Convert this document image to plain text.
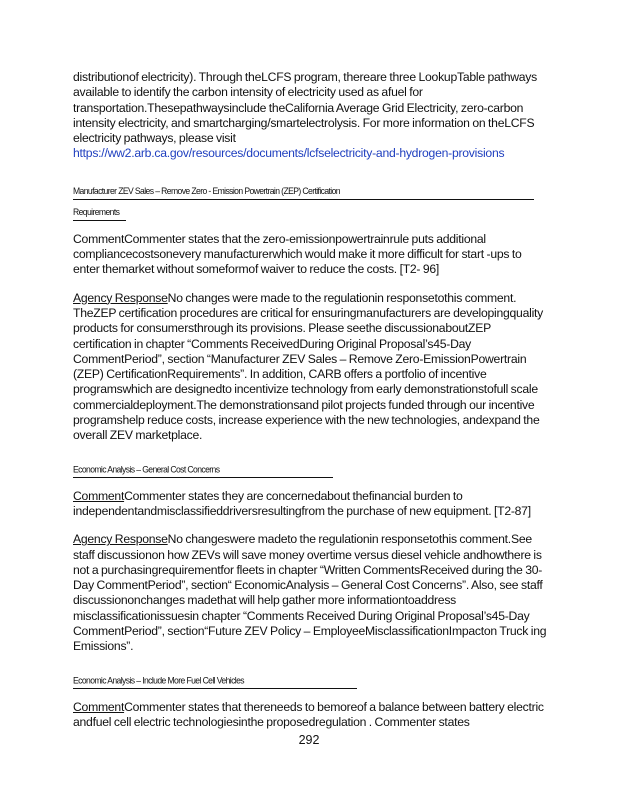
distributionof electricity). Through theLCFS program, thereare three LookupTable pathways available to identify the carbon intensity of electricity used as afuel for transportation.Thesepathwaysinclude theCalifornia Average Grid Electricity, zero-carbon intensity electricity, and smartcharging/smartelectrolysis. For more information on theLCFS electricity pathways, please visit
https://ww2.arb.ca.gov/resources/documents/lcfselectricity-and-hydrogen-provisions

Manufacturer ZEV Sales – Remove Zero - Emission Powertrain (ZEP) Certification
Requirements

CommentCommenter states that the zero-emissionpowertrainrule puts additional compliancecostsonevery manufacturerwhich would make it more difficult for start -ups to enter themarket without someformof waiver to reduce the costs. [T2- 96]

Agency ResponseNo changes were made to the regulationin responsetothis comment. TheZEP certification procedures are critical for ensuringmanufacturers are developingquality products for consumersthrough its provisions. Please seethe discussionaboutZEP certification in chapter “Comments ReceivedDuring Original Proposal’s45-Day CommentPeriod”, section “Manufacturer ZEV Sales – Remove Zero-EmissionPowertrain (ZEP) CertificationRequirements”. In addition, CARB offers a portfolio of incentive programswhich are designedto incentivize technology from early demonstrationstofull scale commercialdeployment.The demonstrationsand pilot projects funded through our incentive programshelp reduce costs, increase experience with the new technologies, andexpand the overall ZEV marketplace.

Economic Analysis – General Cost Concerns

CommentCommenter states they are concernedabout thefinancial burden to independentandmisclassifieddriversresultingfrom the purchase of new equipment. [T2-87]

Agency ResponseNo changeswere madeto the regulationin responsetothis comment.See staff discussionon how ZEVs will save money overtime versus diesel vehicle andhowthere is not a purchasingrequirementfor fleets in chapter “Written CommentsReceived during the 30-Day CommentPeriod”, section“ EconomicAnalysis – General Cost Concerns”. Also, see staff discussiononchanges madethat will help gather more informationtoaddress misclassificationissuesin chapter “Comments Received During Original Proposal’s45-Day CommentPeriod”, section“Future ZEV Policy – EmployeeMisclassificationImpacton Truck ing Emissions”.

Economic Analysis – Include More Fuel Cell Vehicles

CommentCommenter states that thereneeds to bemoreof a balance between battery electric andfuel cell electric technologiesinthe proposedregulation . Commenter states

292
